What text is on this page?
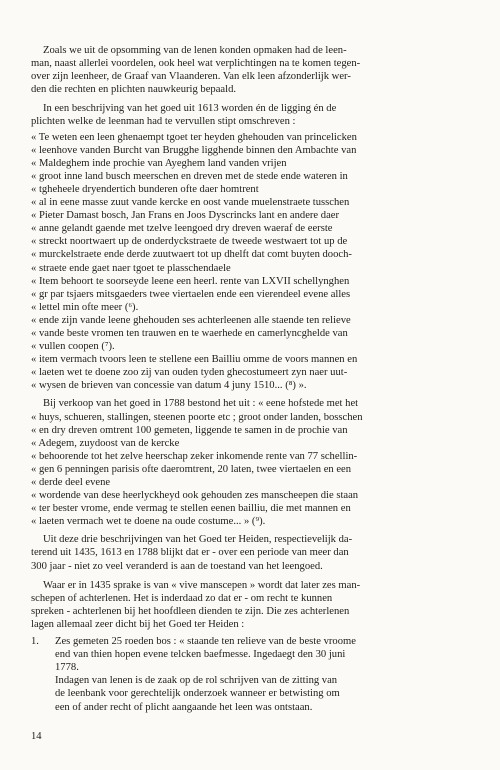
Zoals we uit de opsomming van de lenen konden opmaken had de leen-
man, naast allerlei voordelen, ook heel wat verplichtingen na te komen tegen-
over zijn leenheer, de Graaf van Vlaanderen. Van elk leen afzonderlijk wer-
den die rechten en plichten nauwkeurig bepaald.
In een beschrijving van het goed uit 1613 worden én de ligging én de
plichten welke de leenman had te vervullen stipt omschreven :
« Te weten een leen ghenaempt tgoet ter heyden ghehouden van princelicken
« leenhove vanden Burcht van Brugghe ligghende binnen den Ambachte van
« Maldeghem inde prochie van Ayeghem land vanden vrijen
« groot inne land busch meerschen en dreven met de stede ende wateren in
« tgheheele dryendertich bunderen ofte daer homtrent
« al in eene masse zuut vande kercke en oost vande muelenstraete tusschen
« Pieter Damast bosch, Jan Frans en Joos Dyscrincks lant en andere daer
« anne gelandt gaende met tzelve leengoed dry dreven waeraf de eerste
« streckt noortwaert up de onderdyckstraete de tweede westwaert tot up de
« murckelstraete ende derde zuutwaert tot up dhelft dat comt buyten dooch-
« straete ende gaet naer tgoet te plasschendaele
« Item behoort te soorseyde leene een heerl. rente van LXVII schellynghen
« gr par tsjaers mitsgaeders twee viertaelen ende een vierendeel evene alles
« lettel min ofte meer (⁶).
« ende zijn vande leene ghehouden ses achterleenen alle staende ten relieve
« vande beste vromen ten trauwen en te waerhede en camerlyncghelde van
« vullen coopen (⁷).
« item vermach tvoors leen te stellene een Bailliu omme de voors mannen en
« laeten wet te doene zoo zij van ouden tyden ghecostumeert zyn naer uut-
« wysen de brieven van concessie van datum 4 juny 1510... (⁸) ».
Bij verkoop van het goed in 1788 bestond het uit : « eene hofstede met het
« huys, schueren, stallingen, steenen poorte etc ; groot onder landen, bosschen
« en dry dreven omtrent 100 gemeten, liggende te samen in de prochie van
« Adegem, zuydoost van de kercke
« behoorende tot het zelve heerschap zeker inkomende rente van 77 schellin-
« gen 6 penningen parisis ofte daeromtrent, 20 laten, twee viertaelen en een
« derde deel evene
« wordende van dese heerlyckheyd ook gehouden zes manscheepen die staan
« ter bester vrome, ende vermag te stellen eenen bailliu, die met mannen en
« laeten vermach wet te doene na oude costume... » (⁹).
Uit deze drie beschrijvingen van het Goed ter Heiden, respectievelijk da-
terend uit 1435, 1613 en 1788 blijkt dat er - over een periode van meer dan
300 jaar - niet zo veel veranderd is aan de toestand van het leengoed.
Waar er in 1435 sprake is van « vive manscepen » wordt dat later zes man-
schepen of achterlenen. Het is inderdaad zo dat er - om recht te kunnen
spreken - achterlenen bij het hoofdleen dienden te zijn. Die zes achterlenen
lagen allemaal zeer dicht bij het Goed ter Heiden :
1. Zes gemeten 25 roeden bos : « staande ten relieve van de beste vroome
end van thien hopen evene telcken baefmesse. Ingedaegt den 30 juni
1778.
Indagen van lenen is de zaak op de rol schrijven van de zitting van
de leenbank voor gerechtelijk onderzoek wanneer er betwisting om
een of ander recht of plicht aangaande het leen was ontstaan.
14
